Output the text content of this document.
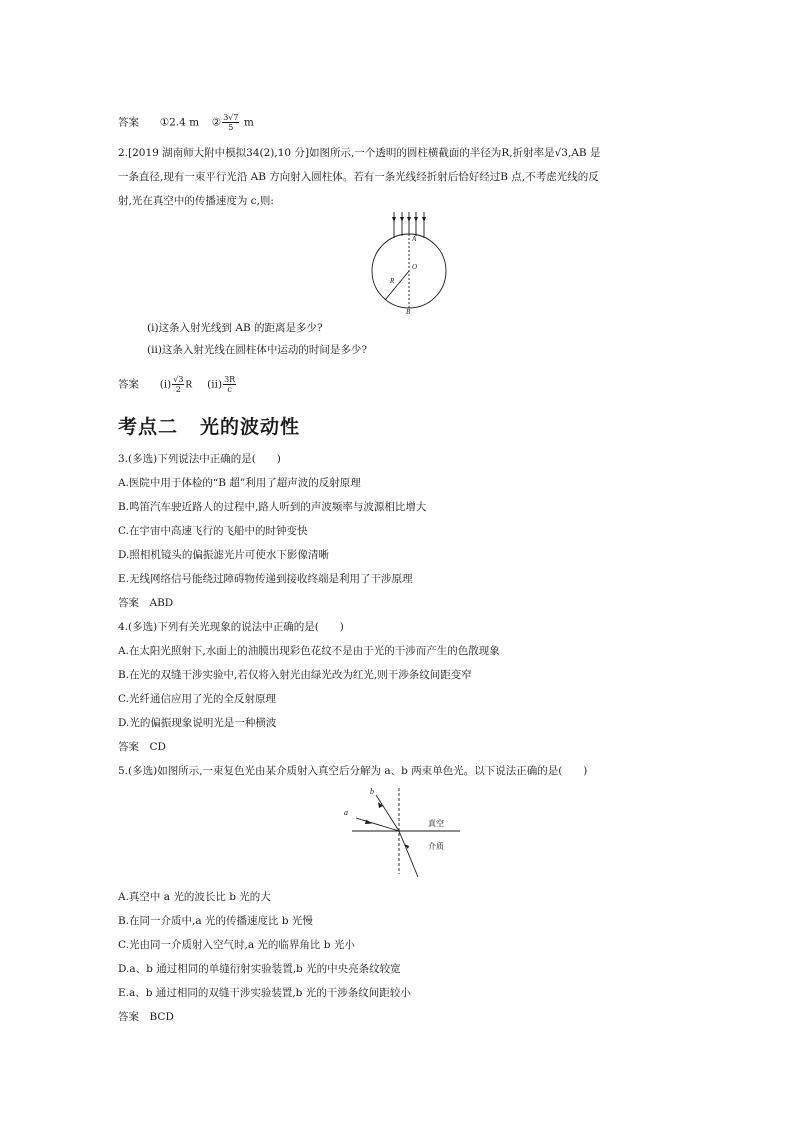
答案 ①2.4 m ② $\frac{3√7}{5}$ m
2.[2019 湖南师大附中模拟34(2),10 分]如图所示,一个透明的圆柱横截面的半径为R,折射率是√3,AB 是
一条直径,现有一束平行光沿 AB 方向射入圆柱体。若有一条光线经折射后恰好经过B 点,不考虑光线的反
射,光在真空中的传播速度为 c,则:
A
O
R
B
(ⅰ)这条入射光线到 AB 的距离是多少?
(ⅱ)这条入射光线在圆柱体中运动的时间是多少?
答案 (ⅰ) $\frac{√3}{2}$ R (ⅱ) $\frac{3R}{c}$
考点二 光的波动性
3.(多选)下列说法中正确的是(　　)
A.医院中用于体检的“B 超”利用了超声波的反射原理
B.鸣笛汽车驶近路人的过程中,路人听到的声波频率与波源相比增大
C.在宇宙中高速飞行的飞船中的时钟变快
D.照相机镜头的偏振滤光片可使水下影像清晰
E.无线网络信号能绕过障碍物传递到接收终端是利用了干涉原理
答案　ABD
4.(多选)下列有关光现象的说法中正确的是(　　)
A.在太阳光照射下,水面上的油膜出现彩色花纹不是由于光的干涉而产生的色散现象
B.在光的双缝干涉实验中,若仅将入射光由绿光改为红光,则干涉条纹间距变窄
C.光纤通信应用了光的全反射原理
D.光的偏振现象说明光是一种横波
答案　CD
5.(多选)如图所示,一束复色光由某介质射入真空后分解为 a、b 两束单色光。以下说法正确的是(　　)
a
b
真空
介质
A.真空中 a 光的波长比 b 光的大
B.在同一介质中,a 光的传播速度比 b 光慢
C.光由同一介质射入空气时,a 光的临界角比 b 光小
D.a、b 通过相同的单缝衍射实验装置,b 光的中央亮条纹较宽
E.a、b 通过相同的双缝干涉实验装置,b 光的干涉条纹间距较小
答案　BCD
